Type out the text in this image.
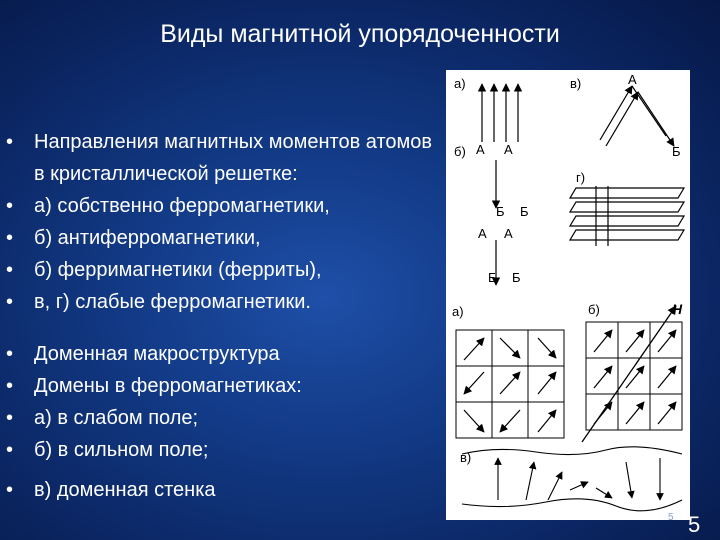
Виды магнитной упорядоченности
• Направления магнитных моментов атомов в кристаллической решетке:
• а) собственно ферромагнетики,
• б) антиферромагнетики,
• б) ферримагнетики (ферриты),
• в, г) слабые ферромагнетики.
• Доменная макроструктура
• Домены в ферромагнетиках:
• а) в слабом поле;
• б) в сильном поле;
• в) доменная стенка
а)	в)
б)
г)
А А
Б Б
А А
Б Б
А
Б
а)	б)	H
в)
5 5
